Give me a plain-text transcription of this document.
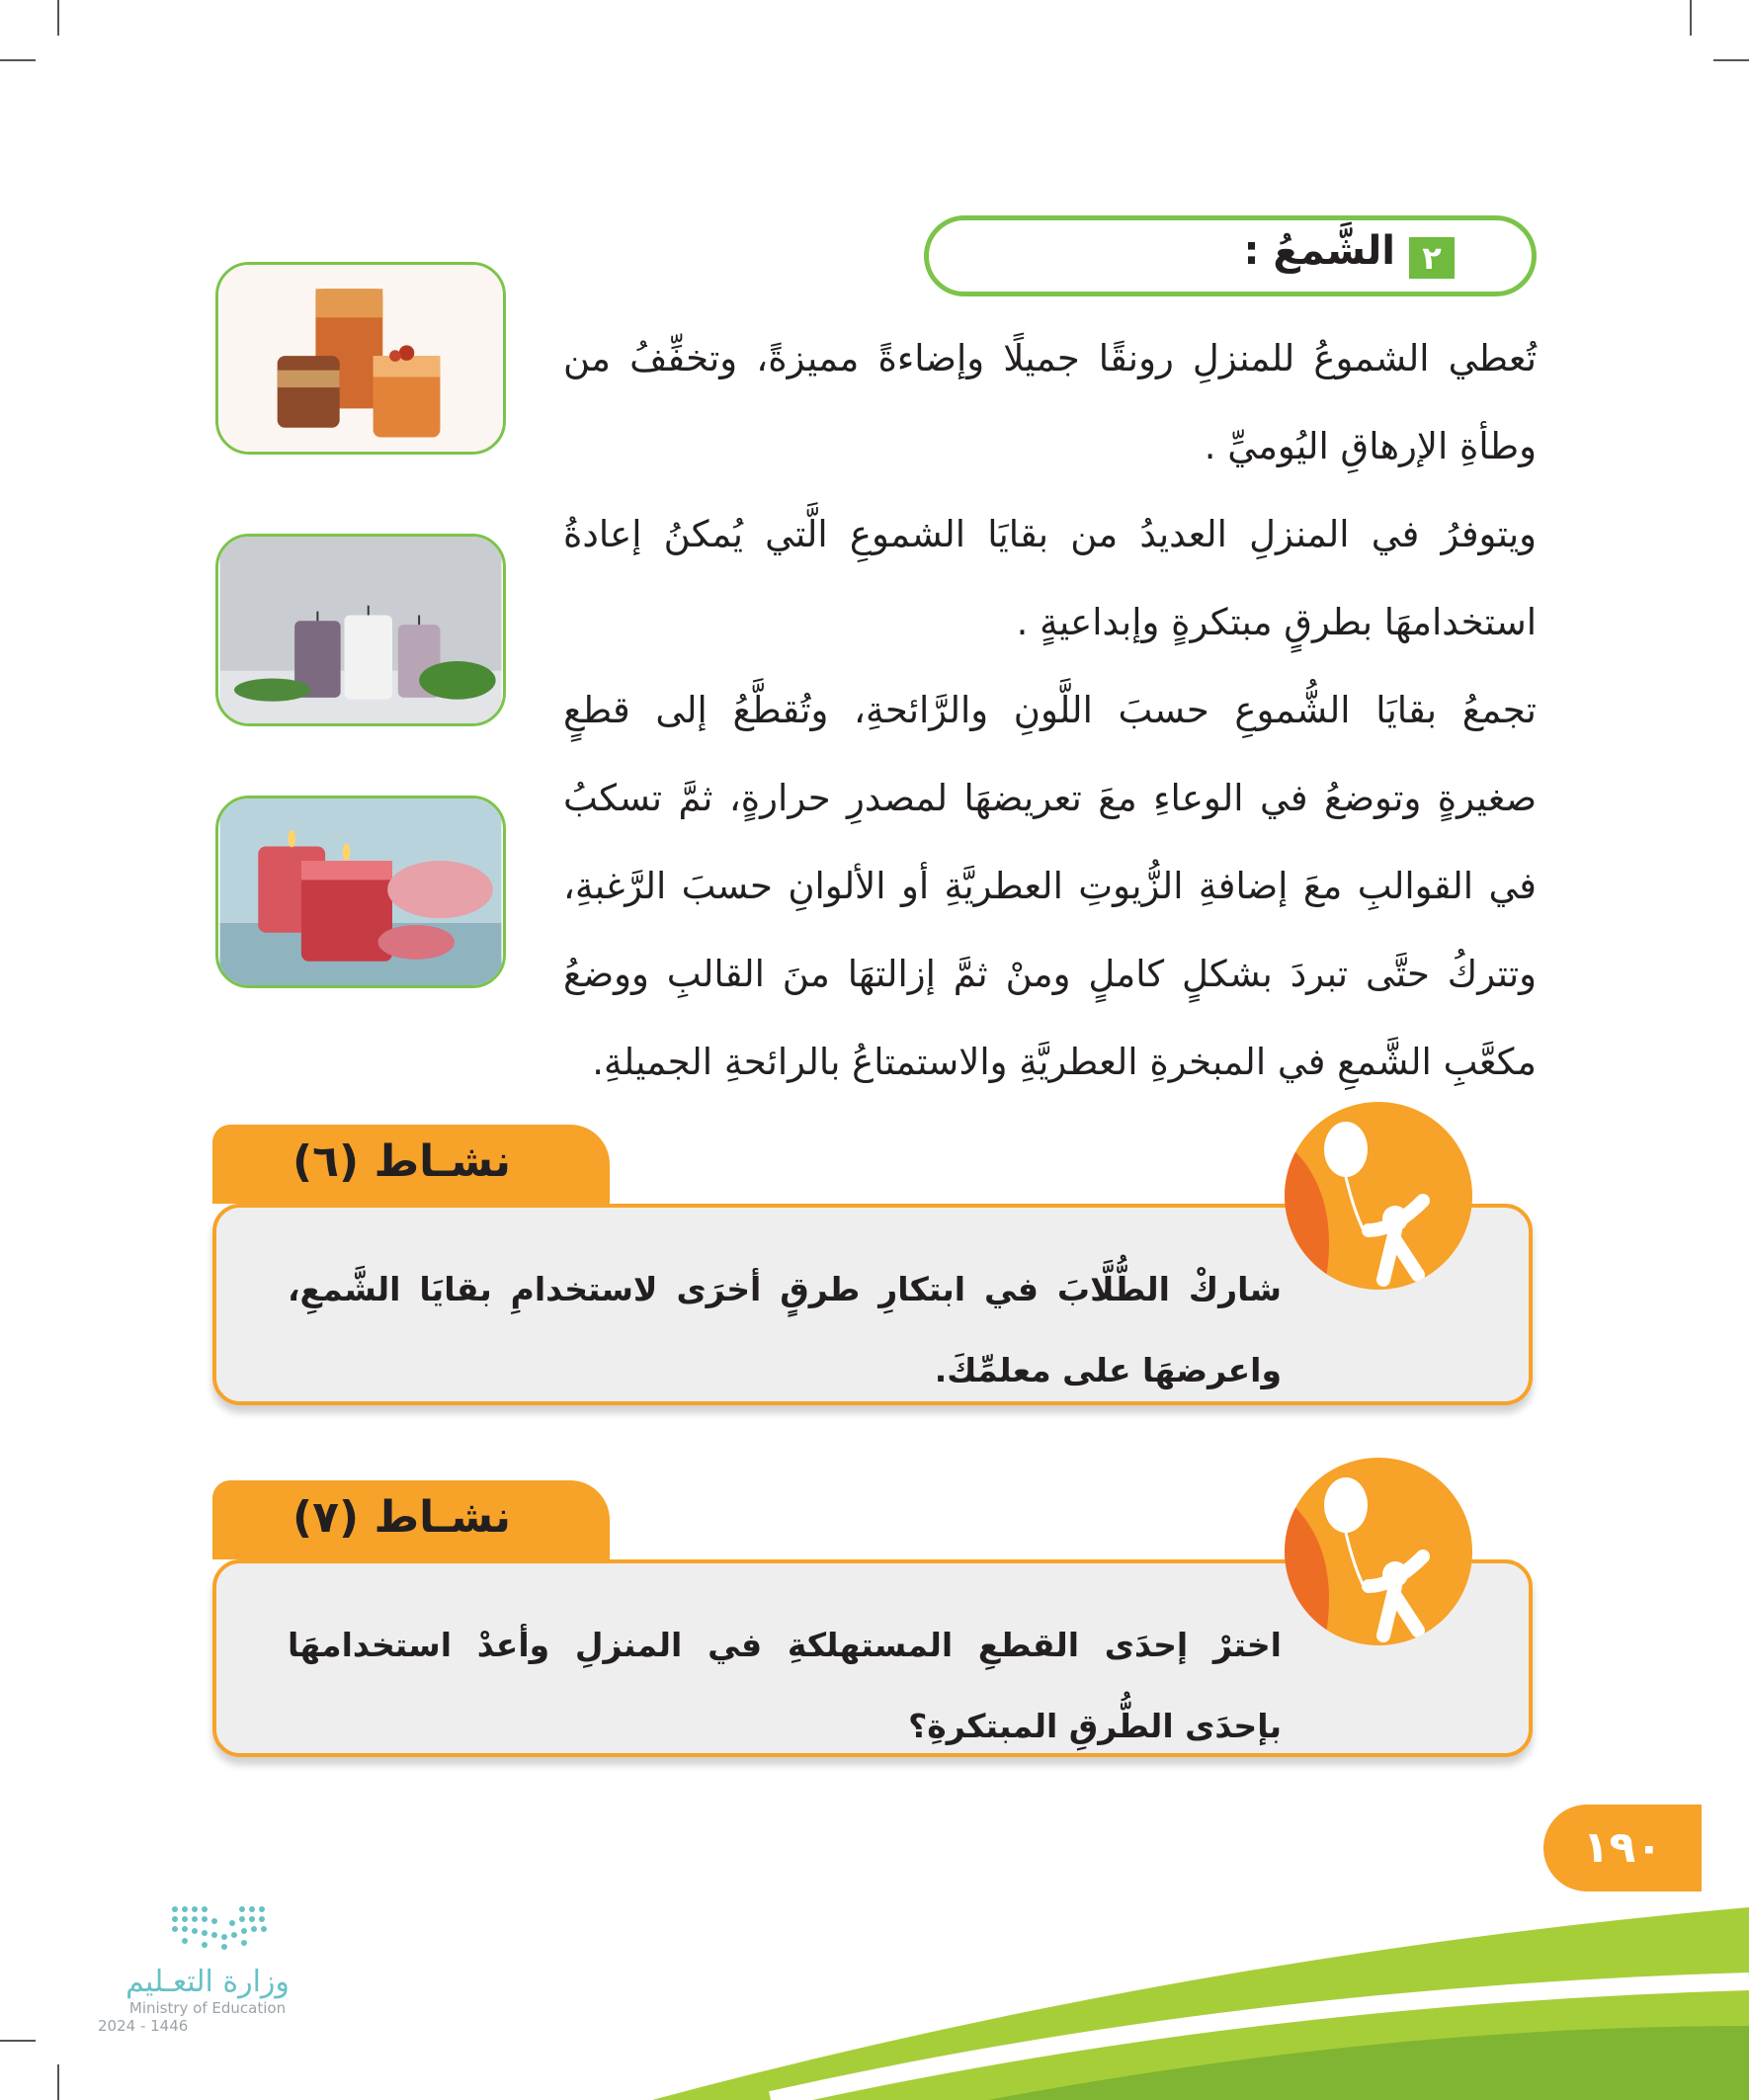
٢
الشَّمعُ :

تُعطي الشموعُ للمنزلِ رونقًا جميلًا وإضاءةً مميزةً، وتخفِّفُ من وطأةِ الإرهاقِ اليُوميِّ .

ويتوفرُ في المنزلِ العديدُ من بقايَا الشموعِ الَّتي يُمكنُ إعادةُ استخدامهَا بطرقٍ مبتكرةٍ وإبداعيةٍ .

تجمعُ بقايَا الشُّموعِ حسبَ اللَّونِ والرَّائحةِ، وتُقطَّعُ إلى قطعٍ صغيرةٍ وتوضعُ في الوعاءِ معَ تعريضهَا لمصدرِ حرارةٍ، ثمَّ تسكبُ في القوالبِ معَ إضافةِ الزُّيوتِ العطريَّةِ أو الألوانِ حسبَ الرَّغبةِ، وتتركُ حتَّى تبردَ بشكلٍ كاملٍ ومنْ ثمَّ إزالتهَا منَ القالبِ ووضعُ مكعَّبِ الشَّمعِ في المبخرةِ العطريَّةِ والاستمتاعُ بالرائحةِ الجميلةِ.

نشـاط (٦)
شاركْ الطُّلَّابَ في ابتكارِ طرقٍ أخرَى لاستخدامِ بقايَا الشَّمعِ، واعرضهَا على معلمِّكَ.
نشـاط (٧)
اخترْ إحدَى القطعِ المستهلكةِ في المنزلِ وأعدْ استخدامهَا بإحدَى الطُّرقِ المبتكرةِ؟
١٩٠
وزارة التعـليم
Ministry of Education
2024 - 1446
